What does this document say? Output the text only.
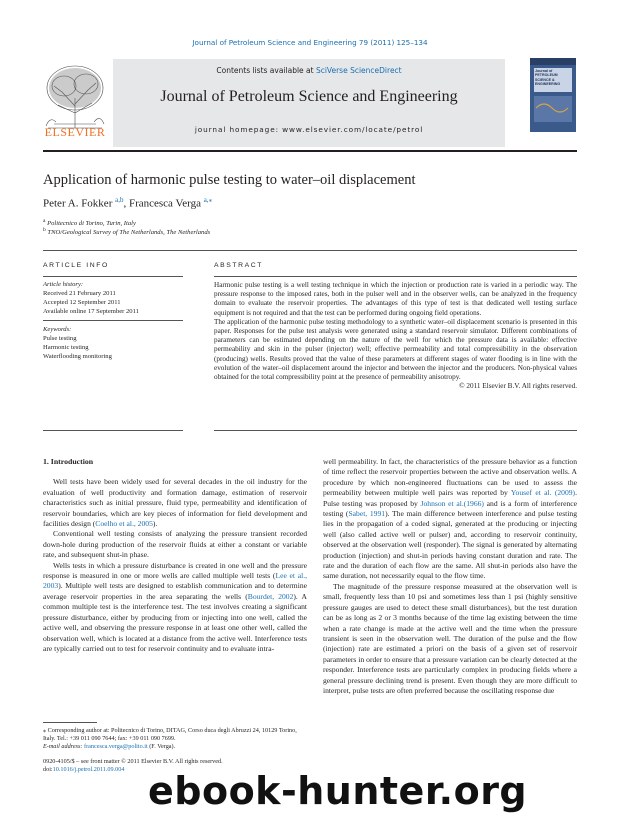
Journal of Petroleum Science and Engineering 79 (2011) 125–134
ELSEVIER
Contents lists available at SciVerse ScienceDirect
Journal of Petroleum Science and Engineering
journal homepage: www.elsevier.com/locate/petrol
Journal of
PETROLEUM
SCIENCE &
ENGINEERING
Application of harmonic pulse testing to water–oil displacement
Peter A. Fokker $^{a,b}$, Francesca Verga $^{a,⁎}$
$^a$ Politecnico di Torino, Turin, Italy
$^b$ TNO/Geological Survey of The Netherlands, The Netherlands
ARTICLE INFO
Article history:
Received 21 February 2011
Accepted 12 September 2011
Available online 17 September 2011
Keywords:
Pulse testing
Harmonic testing
Waterflooding monitoring
ABSTRACT

Harmonic pulse testing is a well testing technique in which the injection or production rate is varied in a periodic way. The pressure response to the imposed rates, both in the pulser well and in the observer wells, can be analyzed in the frequency domain to evaluate the reservoir properties. The advantages of this type of test is that dedicated well testing surface equipment is not required and that the test can be performed during ongoing field operations.

The application of the harmonic pulse testing methodology to a synthetic water–oil displacement scenario is presented in this paper. Responses for the pulse test analysis were generated using a standard reservoir simulator. Different combinations of parameters can be estimated depending on the nature of the well for which the pressure data is available: effective permeability and skin in the pulser (injector) well; effective permeability and total compressibility in the observation (producing) wells. Results proved that the value of these parameters at different stages of water flooding is in line with the evolution of the water–oil displacement around the injector and between the injector and the producers. Non-physical values obtained for the total compressibility point at the presence of permeability anisotropy.

© 2011 Elsevier B.V. All rights reserved.

1. Introduction

Well tests have been widely used for several decades in the oil industry for the evaluation of well productivity and formation damage, estimation of reservoir characteristics such as initial pressure, fluid type, permeability and identification of reservoir boundaries, which are key pieces of information for field development and facilities design (Coelho et al., 2005).

Conventional well testing consists of analyzing the pressure transient recorded down-hole during production of the reservoir fluids at either a constant or variable rate, and subsequent shut-in phase.

Wells tests in which a pressure disturbance is created in one well and the pressure response is measured in one or more wells are called multiple well tests (Lee et al., 2003). Multiple well tests are designed to establish communication and to determine average reservoir properties in the area separating the wells (Bourdet, 2002). A common multiple test is the interference test. The test involves creating a significant pressure disturbance, either by producing from or injecting into one well, called the active well, and observing the pressure response in at least one other well, called the observation well, which is located at a distance from the active well. Interference tests are typically carried out to test for reservoir continuity and to evaluate intra-

well permeability. In fact, the characteristics of the pressure behavior as a function of time reflect the reservoir properties between the active and observation wells. A procedure by which non-engineered fluctuations can be used to assess the permeability between multiple well pairs was reported by Yousef et al. (2009). Pulse testing was proposed by Johnson et al.(1966) and is a form of interference testing (Sabet, 1991). The main difference between interference and pulse testing lies in the propagation of a coded signal, generated at the producing or injecting well (also called active well or pulser) and, according to reservoir continuity, observed at the observation well (responder). The signal is generated by alternating production (injection) and shut-in periods having constant duration and rate. The rate and the duration of each flow are the same. All shut-in periods also have the same duration, not necessarily equal to the flow time.

The magnitude of the pressure response measured at the observation well is small, frequently less than 10 psi and sometimes less than 1 psi (highly sensitive pressure gauges are used to detect these small disturbances), but the test duration can be as long as 2 or 3 months because of the time lag existing between the time when a rate change is made at the active well and the time when the pressure transient is seen in the observation well. The duration of the pulse and the flow (injection) rate are estimated a priori on the basis of a given set of reservoir parameters in order to ensure that a pressure variation can be clearly detected at the responder. Interference tests are particularly complex in producing fields where a general pressure declining trend is present. Even though they are more difficult to interpret, pulse tests are often preferred because the oscillating response due

⁎ Corresponding author at: Politecnico di Torino, DITAG, Corso duca degli Abruzzi 24, 10129 Torino, Italy. Tel.: +39 011 090 7644; fax: +39 011 090 7699.
E-mail address: francesca.verga@polito.it (F. Verga).
0920-4105/$ – see front matter © 2011 Elsevier B.V. All rights reserved.
doi:10.1016/j.petrol.2011.09.004 ebook-hunter.org
